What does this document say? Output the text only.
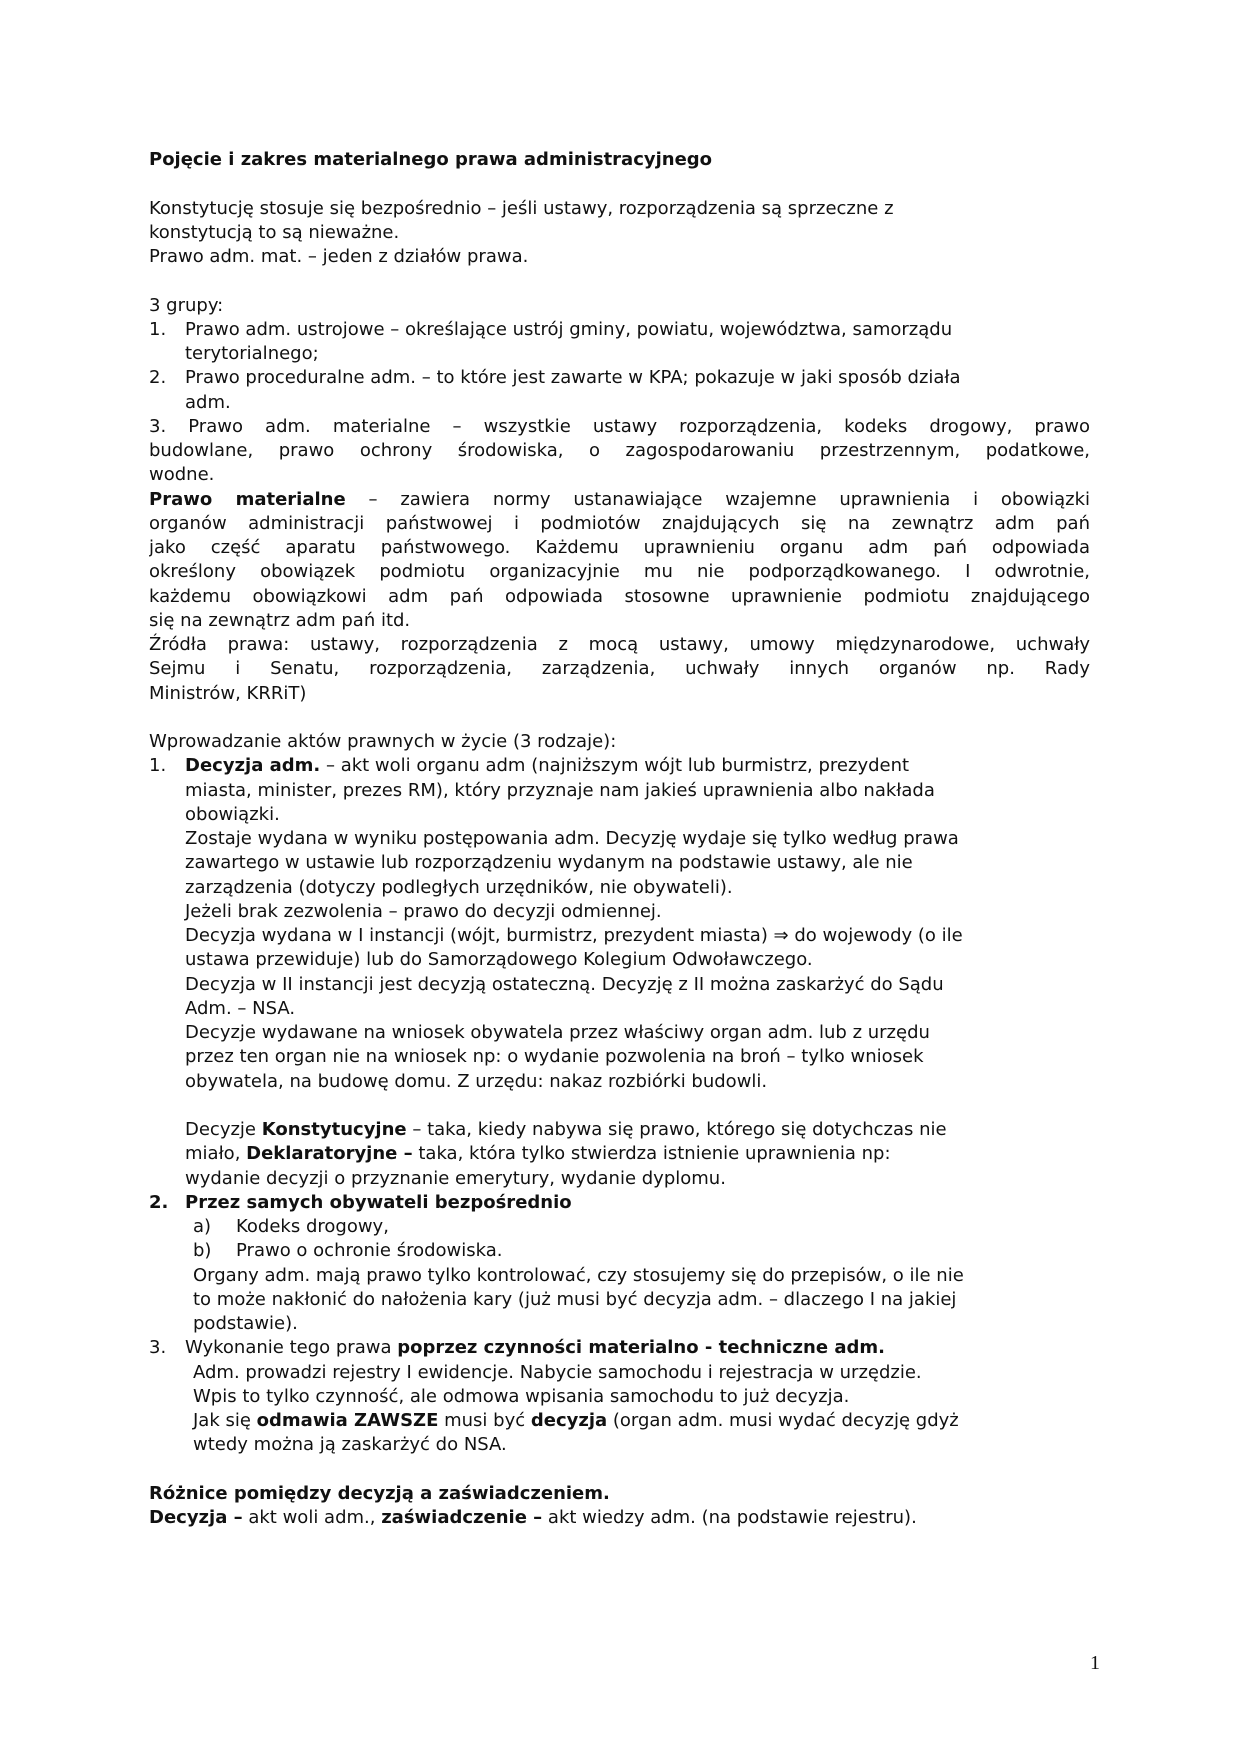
Pojęcie i zakres materialnego prawa administracyjnego

Konstytucję stosuje się bezpośrednio – jeśli ustawy, rozporządzenia są sprzeczne z
konstytucją to są nieważne.
Prawo adm. mat. – jeden z działów prawa.

3 grupy:
1. Prawo adm. ustrojowe – określające ustrój gminy, powiatu, województwa, samorządu
terytorialnego;
2. Prawo proceduralne adm. – to które jest zawarte w KPA; pokazuje w jaki sposób działa
adm.
3. Prawo adm. materialne – wszystkie ustawy rozporządzenia, kodeks drogowy, prawo
budowlane, prawo ochrony środowiska, o zagospodarowaniu przestrzennym, podatkowe,
wodne.
Prawo materialne – zawiera normy ustanawiające wzajemne uprawnienia i obowiązki
organów administracji państwowej i podmiotów znajdujących się na zewnątrz adm pań
jako część aparatu państwowego. Każdemu uprawnieniu organu adm pań odpowiada
określony obowiązek podmiotu organizacyjnie mu nie podporządkowanego. I odwrotnie,
każdemu obowiązkowi adm pań odpowiada stosowne uprawnienie podmiotu znajdującego
się na zewnątrz adm pań itd.
Źródła prawa: ustawy, rozporządzenia z mocą ustawy, umowy międzynarodowe, uchwały
Sejmu i Senatu, rozporządzenia, zarządzenia, uchwały innych organów np. Rady
Ministrów, KRRiT)

Wprowadzanie aktów prawnych w życie (3 rodzaje):
1. Decyzja adm. – akt woli organu adm (najniższym wójt lub burmistrz, prezydent
miasta, minister, prezes RM), który przyznaje nam jakieś uprawnienia albo nakłada
obowiązki.
Zostaje wydana w wyniku postępowania adm. Decyzję wydaje się tylko według prawa
zawartego w ustawie lub rozporządzeniu wydanym na podstawie ustawy, ale nie
zarządzenia (dotyczy podległych urzędników, nie obywateli).
Jeżeli brak zezwolenia – prawo do decyzji odmiennej.
Decyzja wydana w I instancji (wójt, burmistrz, prezydent miasta) ⇒ do wojewody (o ile
ustawa przewiduje) lub do Samorządowego Kolegium Odwoławczego.
Decyzja w II instancji jest decyzją ostateczną. Decyzję z II można zaskarżyć do Sądu
Adm. – NSA.
Decyzje wydawane na wniosek obywatela przez właściwy organ adm. lub z urzędu
przez ten organ nie na wniosek np: o wydanie pozwolenia na broń – tylko wniosek
obywatela, na budowę domu. Z urzędu: nakaz rozbiórki budowli.

Decyzje Konstytucyjne – taka, kiedy nabywa się prawo, którego się dotychczas nie
miało, Deklaratoryjne – taka, która tylko stwierdza istnienie uprawnienia np:
wydanie decyzji o przyznanie emerytury, wydanie dyplomu.
2. Przez samych obywateli bezpośrednio
a) Kodeks drogowy,
b) Prawo o ochronie środowiska.
Organy adm. mają prawo tylko kontrolować, czy stosujemy się do przepisów, o ile nie
to może nakłonić do nałożenia kary (już musi być decyzja adm. – dlaczego I na jakiej
podstawie).
3. Wykonanie tego prawa poprzez czynności materialno - techniczne adm.
Adm. prowadzi rejestry I ewidencje. Nabycie samochodu i rejestracja w urzędzie.
Wpis to tylko czynność, ale odmowa wpisania samochodu to już decyzja.
Jak się odmawia ZAWSZE musi być decyzja (organ adm. musi wydać decyzję gdyż
wtedy można ją zaskarżyć do NSA.

Różnice pomiędzy decyzją a zaświadczeniem.
Decyzja – akt woli adm., zaświadczenie – akt wiedzy adm. (na podstawie rejestru).
1
